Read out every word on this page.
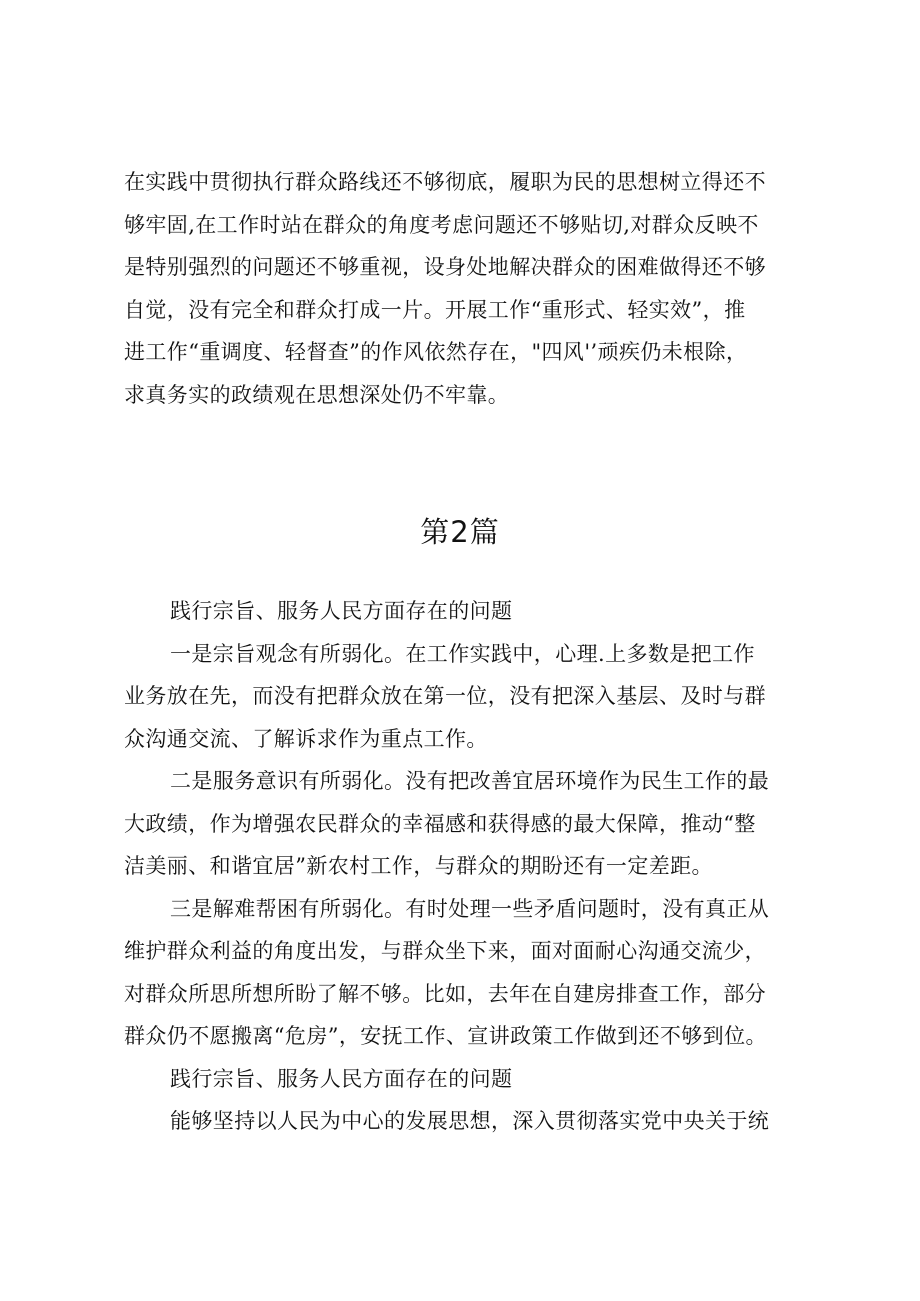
在实践中贯彻执行群众路线还不够彻底，履职为民的思想树立得还不
够牢固,在工作时站在群众的角度考虑问题还不够贴切,对群众反映不
是特别强烈的问题还不够重视，设身处地解决群众的困难做得还不够
自觉，没有完全和群众打成一片。开展工作“重形式、轻实效”，推
进工作“重调度、轻督查”的作风依然存在，"四风'’顽疾仍未根除，
求真务实的政绩观在思想深处仍不牢靠。
第2篇
践行宗旨、服务人民方面存在的问题
一是宗旨观念有所弱化。在工作实践中，心理.上多数是把工作
业务放在先，而没有把群众放在第一位，没有把深入基层、及时与群
众沟通交流、了解诉求作为重点工作。
二是服务意识有所弱化。没有把改善宜居环境作为民生工作的最
大政绩，作为增强农民群众的幸福感和获得感的最大保障，推动“整
洁美丽、和谐宜居”新农村工作，与群众的期盼还有一定差距。
三是解难帮困有所弱化。有时处理一些矛盾问题时，没有真正从
维护群众利益的角度出发，与群众坐下来，面对面耐心沟通交流少，
对群众所思所想所盼了解不够。比如，去年在自建房排查工作，部分
群众仍不愿搬离“危房”，安抚工作、宣讲政策工作做到还不够到位。
践行宗旨、服务人民方面存在的问题
能够坚持以人民为中心的发展思想，深入贯彻落实党中央关于统
